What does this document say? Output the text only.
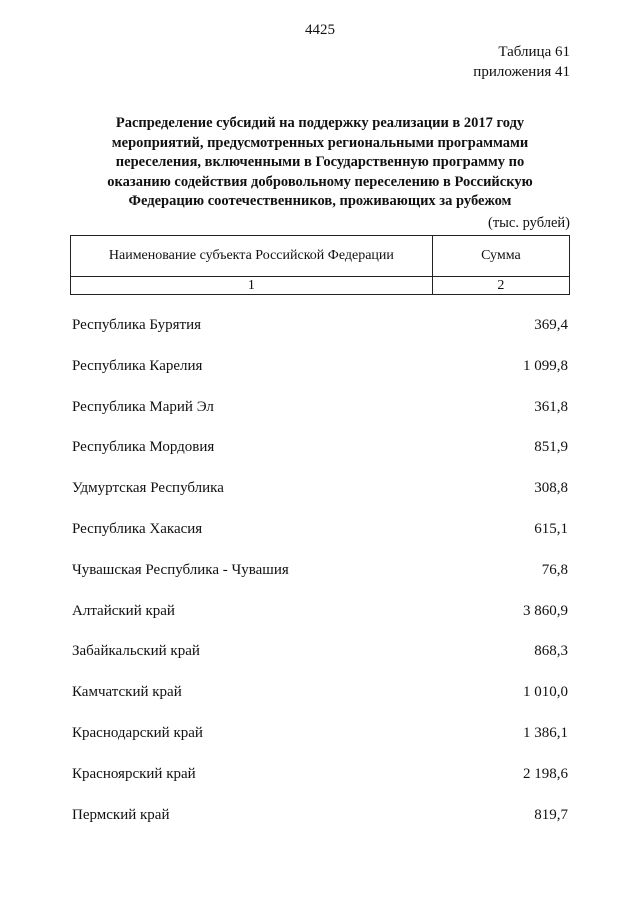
4425
Таблица 61
приложения 41
Распределение субсидий на поддержку реализации в 2017 году
мероприятий, предусмотренных региональными программами
переселения, включенными в Государственную программу по
оказанию содействия добровольному переселению в Российскую
Федерацию соотечественников, проживающих за рубежом
(тыс. рублей)
Наименование субъекта Российской Федерации	Сумма
1	2
Республика Бурятия	369,4
Республика Карелия	1 099,8
Республика Марий Эл	361,8
Республика Мордовия	851,9
Удмуртская Республика	308,8
Республика Хакасия	615,1
Чувашская Республика - Чувашия	76,8
Алтайский край	3 860,9
Забайкальский край	868,3
Камчатский край	1 010,0
Краснодарский край	1 386,1
Красноярский край	2 198,6
Пермский край	819,7
